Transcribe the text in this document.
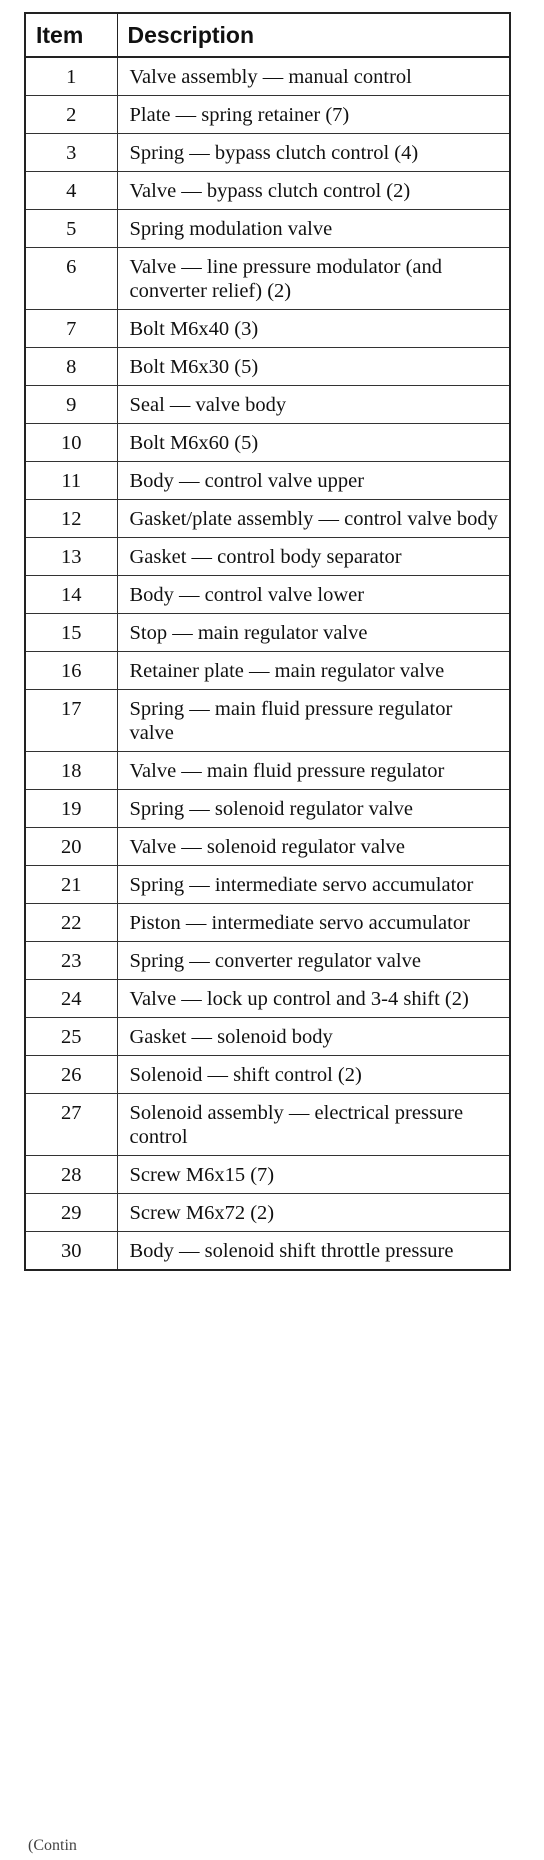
Item	Description
1	Valve assembly — manual control
2	Plate — spring retainer (7)
3	Spring — bypass clutch control (4)
4	Valve — bypass clutch control (2)
5	Spring modulation valve
6	Valve — line pressure modulator (and converter relief) (2)
7	Bolt M6x40 (3)
8	Bolt M6x30 (5)
9	Seal — valve body
10	Bolt M6x60 (5)
11	Body — control valve upper
12	Gasket/plate assembly — control valve body
13	Gasket — control body separator
14	Body — control valve lower
15	Stop — main regulator valve
16	Retainer plate — main regulator valve
17	Spring — main fluid pressure regulator valve
18	Valve — main fluid pressure regulator
19	Spring — solenoid regulator valve
20	Valve — solenoid regulator valve
21	Spring — intermediate servo accumulator
22	Piston — intermediate servo accumulator
23	Spring — converter regulator valve
24	Valve — lock up control and 3-4 shift (2)
25	Gasket — solenoid body
26	Solenoid — shift control (2)
27	Solenoid assembly — electrical pressure control
28	Screw M6x15 (7)
29	Screw M6x72 (2)
30	Body — solenoid shift throttle pressure
(Contin
